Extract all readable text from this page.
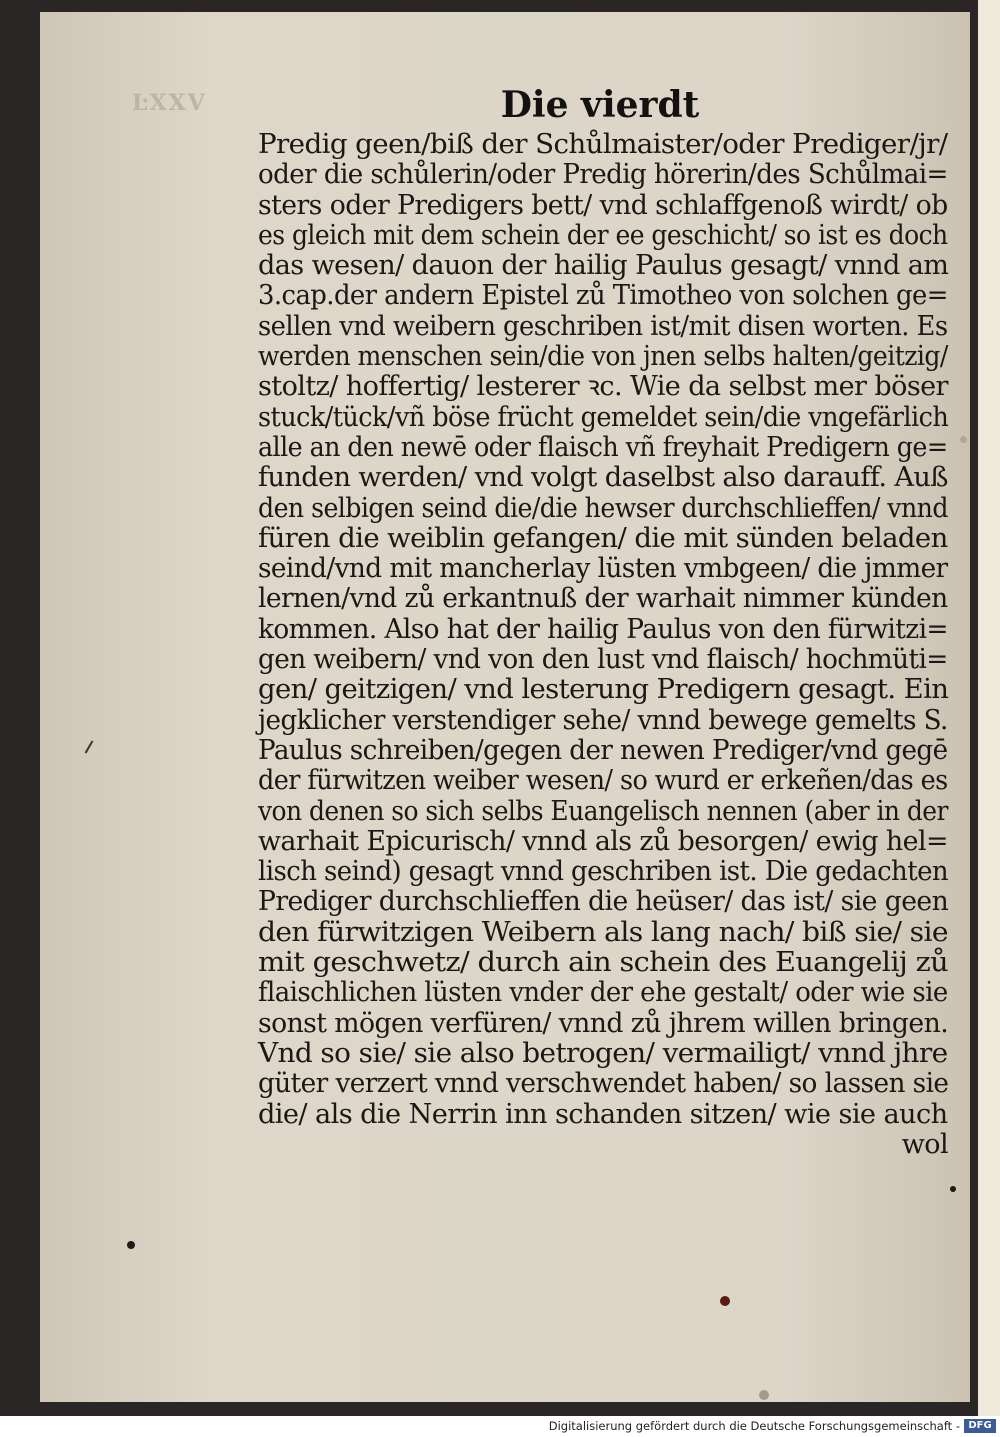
ĿXXV	Die vierdt
Predig geen/biß der Schůlmaister/oder Prediger/jr/
oder die schůlerin/oder Predig hörerin/des Schůlmai=
sters oder Predigers bett/ vnd schlaffgenoß wirdt/ ob
es gleich mit dem schein der ee geschicht/ so ist es doch
das wesen/ dauon der hailig Paulus gesagt/ vnnd am
3.cap.der andern Epistel zů Timotheo von solchen ge=
sellen vnd weibern geschriben ist/mit disen worten. Es
werden menschen sein/die von jnen selbs halten/geitzig/
stoltz/ hoffertig/ lesterer ꝛc. Wie da selbst mer böser
stuck/tück/vñ böse frücht gemeldet sein/die vngefärlich
alle an den newē oder flaisch vñ freyhait Predigern ge=
funden werden/ vnd volgt daselbst also darauff. Auß
den selbigen seind die/die hewser durchschlieffen/ vnnd
füren die weiblin gefangen/ die mit sünden beladen
seind/vnd mit mancherlay lüsten vmbgeen/ die jmmer
lernen/vnd zů erkantnuß der warhait nimmer künden
kommen. Also hat der hailig Paulus von den fürwitzi=
gen weibern/ vnd von den lust vnd flaisch/ hochmüti=
gen/ geitzigen/ vnd lesterung Predigern gesagt. Ein
jegklicher verstendiger sehe/ vnnd bewege gemelts S.
Paulus schreiben/gegen der newen Prediger/vnd gegē
der fürwitzen weiber wesen/ so wurd er erkeñen/das es
von denen so sich selbs Euangelisch nennen (aber in der
warhait Epicurisch/ vnnd als zů besorgen/ ewig hel=
lisch seind) gesagt vnnd geschriben ist. Die gedachten
Prediger durchschlieffen die heüser/ das ist/ sie geen
den fürwitzigen Weibern als lang nach/ biß sie/ sie
mit geschwetz/ durch ain schein des Euangelij zů
flaischlichen lüsten vnder der ehe gestalt/ oder wie sie
sonst mögen verfüren/ vnnd zů jhrem willen bringen.
Vnd so sie/ sie also betrogen/ vermailigt/ vnnd jhre
güter verzert vnnd verschwendet haben/ so lassen sie
die/ als die Nerrin inn schanden sitzen/ wie sie auch
wol
Digitalisierung gefördert durch die Deutsche Forschungsgemeinschaft - DFG
